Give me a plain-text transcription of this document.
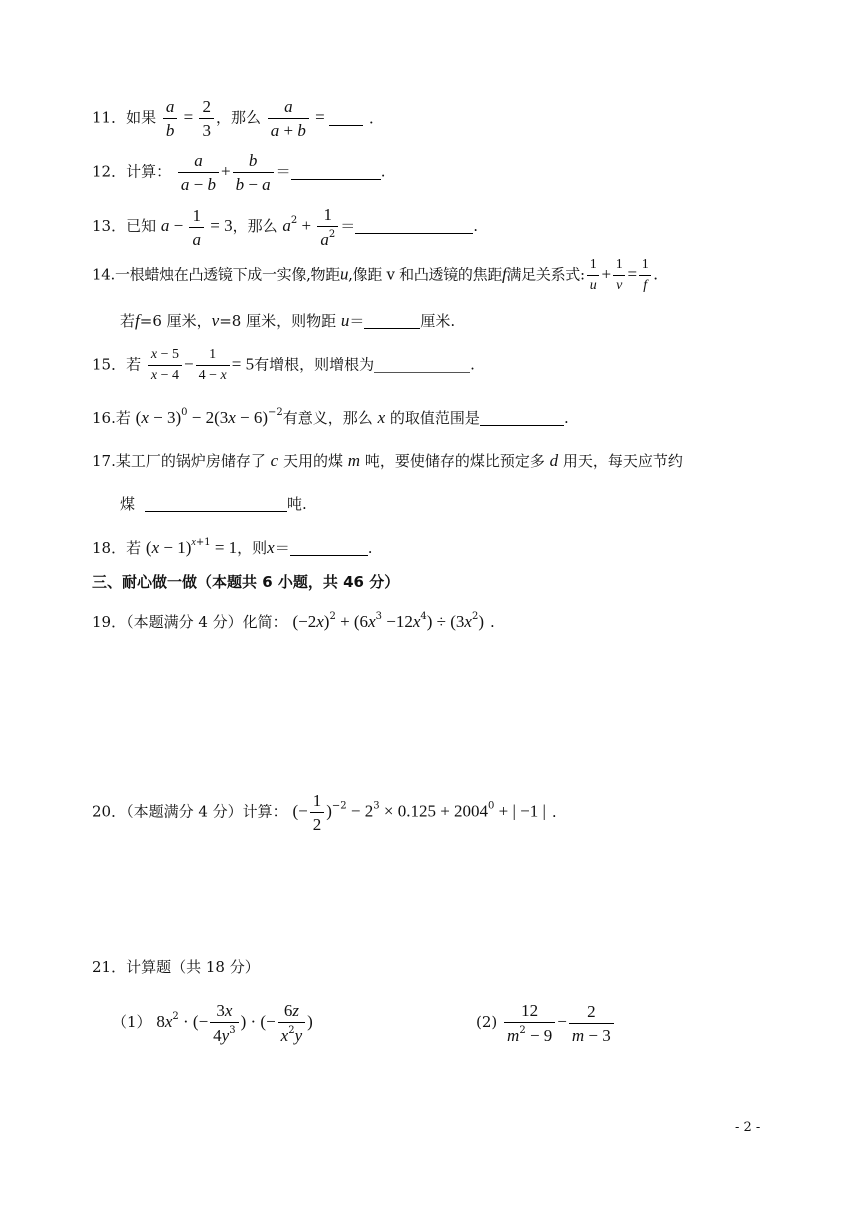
11．如果 $\frac{a}{b} = \frac{2}{3}$ ，那么 $\frac{a}{a + b}$ =	．
12．计算： $\frac{a}{a - b} + \frac{b}{b - a}$ ＝	.
13．已知 $a - \frac{1}{a} = 3$，那么 $a^2 + \frac{1}{a^2}$ ＝	.
14.一根蜡烛在凸透镜下成一实像,物距u,像距 v 和凸透镜的焦距f满足关系式: $\frac{1}{u} + \frac{1}{v} = \frac{1}{f}$ .
若f=6 厘米，v=8 厘米，则物距 u＝	厘米.
15．若 $\frac{x - 5}{x - 4} - \frac{1}{4 - x} = 5$有增根，则增根为	.
16.若 $(x - 3)^0 - 2(3x - 6)^{-2}$有意义，那么 x 的取值范围是	.
17.某工厂的锅炉房储存了 c 天用的煤 m 吨，要使储存的煤比预定多 d 用天，每天应节约
煤	吨.
18．若 $(x - 1)^{x+1} = 1$，则x＝	.
三、耐心做一做（本题共 6 小题，共 46 分）
19．（本题满分 4 分）化简： $(-2x)^2 + (6x^3 -12x^4) \div (3x^2)$ .
20．（本题满分 4 分）计算： (− $\frac{1}{2} )^{-2} - 2^3 \times 0.125 + 2004^0$ + | −1 | .
21．计算题（共 18 分）
（1） $8x^2$ · (− $\frac{3x}{4y^3}$ ) · (− $\frac{6z}{x^2y}$ )	$(2) \frac{12}{m^2 - 9} - \frac{2}{m - 3}$
- 2 -
